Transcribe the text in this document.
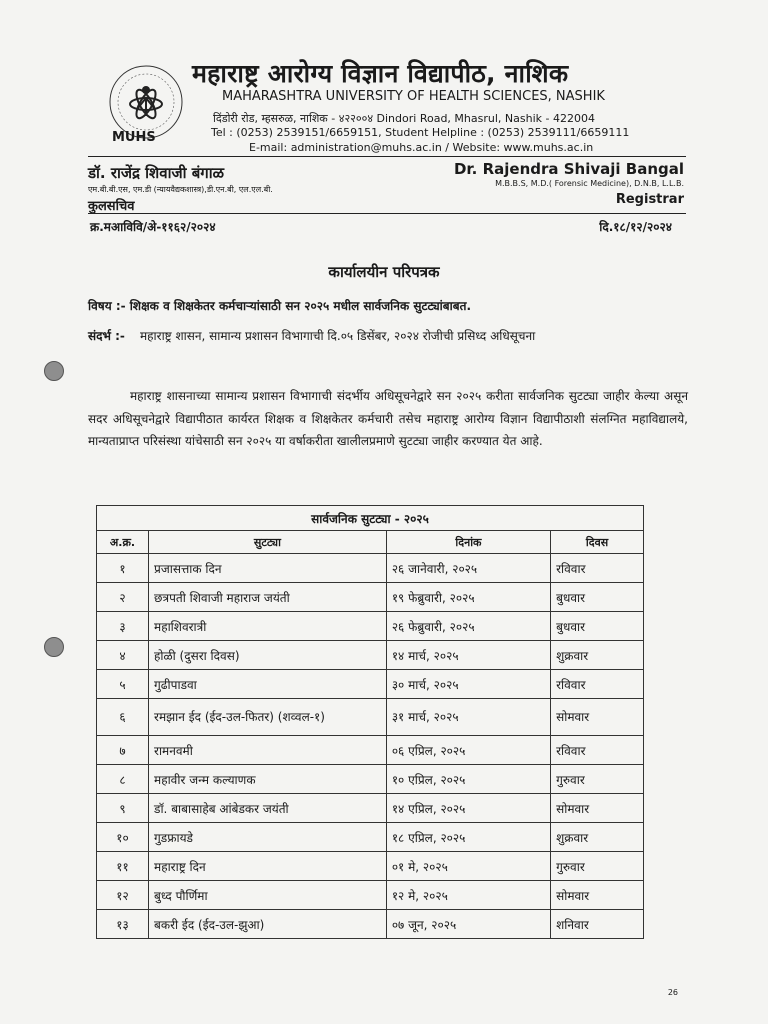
MUHS
महाराष्ट्र आरोग्य विज्ञान विद्यापीठ, नाशिक
MAHARASHTRA UNIVERSITY OF HEALTH SCIENCES, NASHIK
दिंडोरी रोड, म्हसरुळ, नाशिक - ४२२००४ Dindori Road, Mhasrul, Nashik - 422004
Tel : (0253) 2539151/6659151, Student Helpline : (0253) 2539111/6659111
E-mail: administration@muhs.ac.in / Website: www.muhs.ac.in
डॉ. राजेंद्र शिवाजी बंगाळ
एम.बी.बी.एस, एम.डी (न्यायवैद्यकशास्त्र),डी.एन.बी, एल.एल.बी.
कुलसचिव
Dr. Rajendra Shivaji Bangal
M.B.B.S, M.D.( Forensic Medicine), D.N.B, L.L.B.
Registrar
क्र.मआविवि/अे-११६२/२०२४	दि.१८/१२/२०२४
कार्यालयीन परिपत्रक
विषय :- शिक्षक व शिक्षकेतर कर्मचाऱ्यांसाठी सन २०२५ मधील सार्वजनिक सुटट्यांबाबत.
संदर्भ :- महाराष्ट्र शासन, सामान्य प्रशासन विभागाची दि.०५ डिसेंबर, २०२४ रोजीची प्रसिध्द अधिसूचना
महाराष्ट्र शासनाच्या सामान्य प्रशासन विभागाची संदर्भीय अधिसूचनेद्वारे सन २०२५ करीता सार्वजनिक सुटट्या जाहीर केल्या असून सदर अधिसूचनेद्वारे विद्यापीठात कार्यरत शिक्षक व शिक्षकेतर कर्मचारी तसेच महाराष्ट्र आरोग्य विज्ञान विद्यापीठाशी संलग्नित महाविद्यालये, मान्यताप्राप्त परिसंस्था यांचेसाठी सन २०२५ या वर्षाकरीता खालीलप्रमाणे सुटट्या जाहीर करण्यात येत आहे.
सार्वजनिक सुटट्या - २०२५			
अ.क्र.	सुटट्या	दिनांक	दिवस
१	प्रजासत्ताक दिन	२६ जानेवारी, २०२५	रविवार
२	छत्रपती शिवाजी महाराज जयंती	१९ फेब्रुवारी, २०२५	बुधवार
३	महाशिवरात्री	२६ फेब्रुवारी, २०२५	बुधवार
४	होळी (दुसरा दिवस)	१४ मार्च, २०२५	शुक्रवार
५	गुढीपाडवा	३० मार्च, २०२५	रविवार
६	रमझान ईद (ईद-उल-फितर) (शव्वल-१)	३१ मार्च, २०२५	सोमवार
७	रामनवमी	०६ एप्रिल, २०२५	रविवार
८	महावीर जन्म कल्याणक	१० एप्रिल, २०२५	गुरुवार
९	डॉ. बाबासाहेब आंबेडकर जयंती	१४ एप्रिल, २०२५	सोमवार
१०	गुडफ्रायडे	१८ एप्रिल, २०२५	शुक्रवार
११	महाराष्ट्र दिन	०१ मे, २०२५	गुरुवार
१२	बुध्द पौर्णिमा	१२ मे, २०२५	सोमवार
१३	बकरी ईद (ईद-उल-झुआ)	०७ जून, २०२५	शनिवार
26
